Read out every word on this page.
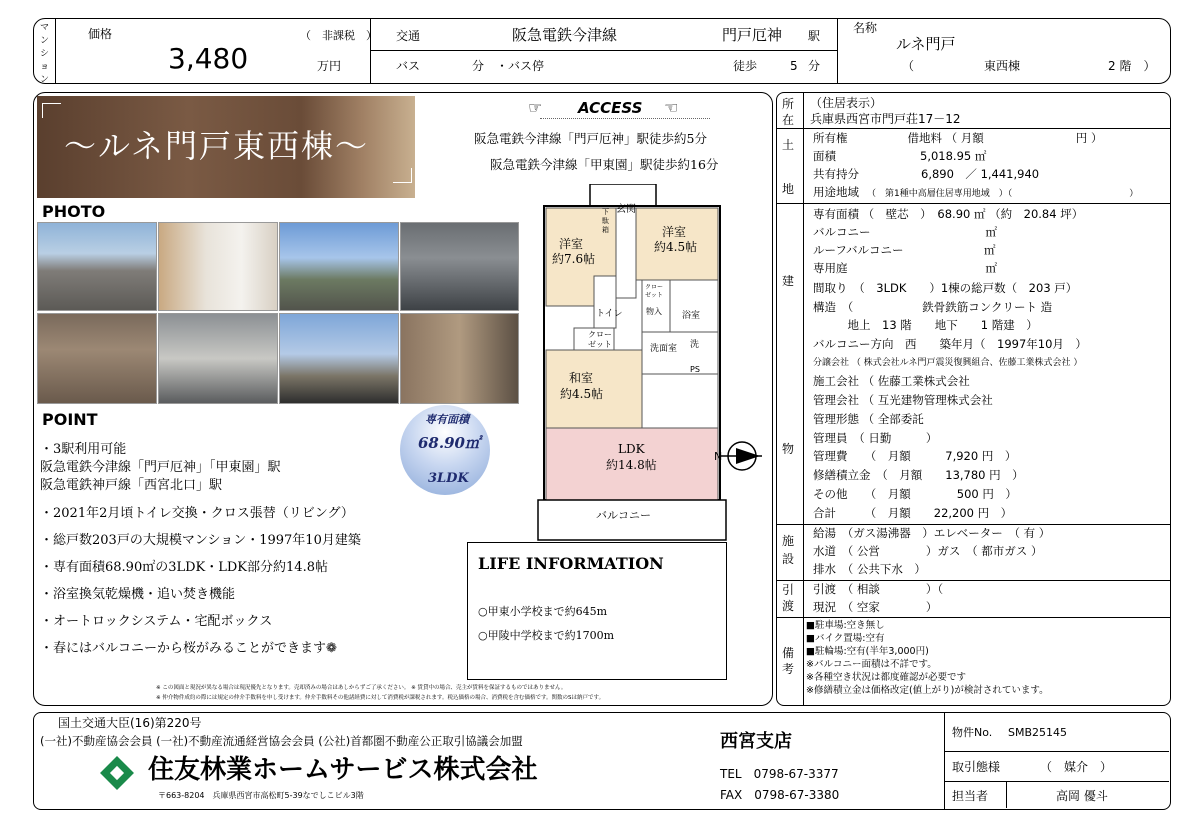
マンション
価格
3,480
（　非課税　）
万円
交通	阪急電鉄今津線	門戸厄神 駅
バス	分　・バス停	徒歩	5 分
名称
ルネ門戸
（	東西棟	2 階　）
～ルネ門戸東西棟～
PHOTO
☞ ACCESS ☜
阪急電鉄今津線「門戸厄神」駅徒歩約5分
阪急電鉄今津線「甲東園」駅徒歩約16分
玄関
下駄箱
洋室
約7.6帖
洋室
約4.5帖
トイレ
クロー
ゼット
クロー
ゼット
物入 浴室
洗面室 洗
PS
和室
約4.5帖
LDK
約14.8帖
バルコニー
N
POINT
・3駅利用可能
阪急電鉄今津線「門戸厄神」「甲東園」駅
阪急電鉄神戸線「西宮北口」駅
・2021年2月頃トイレ交換・クロス張替（リビング）
・総戸数203戸の大規模マンション・1997年10月建築
・専有面積68.90㎡の3LDK・LDK部分約14.8帖
・浴室換気乾燥機・追い焚き機能
・オートロックシステム・宅配ボックス
・春にはバルコニーから桜がみることができます❁
専有面積
68.90㎡
3LDK
LIFE INFORMATION
○甲東小学校まで約645m
○甲陵中学校まで約1700m
※ この図面と現況が異なる場合は現況優先となります。売却済みの場合はあしからずご了承ください。 ※ 賃貸中の場合、売主が賃料を保証するものではありません。
※ 仲介物件成約の際には規定の仲介手数料を申し受けます。仲介手数料その他諸経費に対して消費税が課税されます。税込価格の場合、消費税を含む価格です。関数のSは納戸です。
所
在
（住居表示）
兵庫県西宮市門戸荘17－12
土
地
所有権	借地料 （ 月額　　　　　　　　円 ）
面積	5,018.95 ㎡
共有持分	6,890　／ 1,441,940
用途地域 （　第1種中高層住居専用地域　）（　　　　　　　　　　　　　）
建
物
専有面積 （　壁芯　）　68.90 ㎡ （約　20.84 坪）
バルコニー　　　　　　　　　　㎡
ルーフバルコニー　　　　　　　㎡
専用庭　　　　　　　　　　　　㎡
間取り　（　3LDK　　）1棟の総戸数（　203 戸）
構造　（　　　　　　鉄骨鉄筋コンクリート 造
　　　地上　13 階　　地下　　1 階建　）
バルコニー方向　西　　築年月（　1997年10月　）
分譲会社 （ 株式会社ルネ門戸震災復興組合、佐藤工業株式会社 ）
施工会社 （ 佐藤工業株式会社
管理会社 （ 互光建物管理株式会社
管理形態 （ 全部委託
管理員　（ 日勤　　　）
管理費　　（　月額　　　7,920 円　）
修繕積立金　（　月額　　13,780 円　）
その他　　（　月額　　　　500 円　）
合計　　　（　月額　　22,200 円　）
施
設
給湯　（ガス湯沸器　）エレベーター　（ 有 ）
水道　（ 公営　　　　）ガス　（ 都市ガス ）
排水　（ 公共下水　）
引
渡
引渡　（ 相談　　　　）（
現況　（ 空家　　　　）
備
考
■駐車場:空き無し
■バイク置場:空有
■駐輪場:空有(半年3,000円)
※バルコニー面積は不詳です。
※各種空き状況は都度確認が必要です
※修繕積立金は価格改定(値上がり)が検討されています。
国土交通大臣(16)第220号
(一社)不動産協会会員 (一社)不動産流通経営協会会員 (公社)首都圏不動産公正取引協議会加盟
住友林業ホームサービス株式会社
〒663-8204　兵庫県西宮市高松町5-39なでしこビル3階
西宮支店
TEL　0798-67-3377
FAX　0798-67-3380
物件No. SMB25145
取引態様	（　媒介　）
担当者	高岡 優斗
